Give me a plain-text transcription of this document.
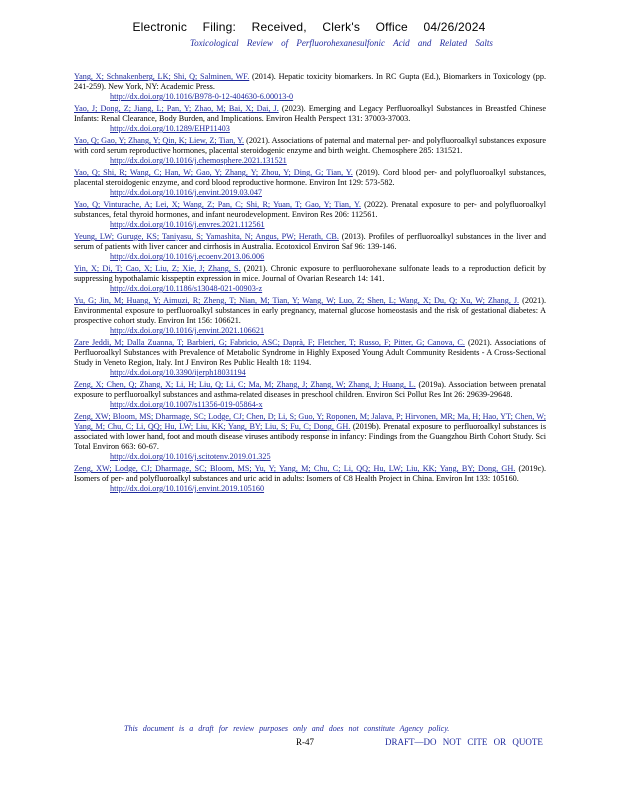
Electronic Filing: Received, Clerk's Office 04/26/2024
Toxicological Review of Perfluorohexanesulfonic Acid and Related Salts
Yang, X; Schnakenberg, LK; Shi, Q; Salminen, WF. (2014). Hepatic toxicity biomarkers. In RC Gupta (Ed.), Biomarkers in Toxicology (pp. 241-259). New York, NY: Academic Press.
http://dx.doi.org/10.1016/B978-0-12-404630-6.00013-0
Yao, J; Dong, Z; Jiang, L; Pan, Y; Zhao, M; Bai, X; Dai, J. (2023). Emerging and Legacy Perfluoroalkyl Substances in Breastfed Chinese Infants: Renal Clearance, Body Burden, and Implications. Environ Health Perspect 131: 37003-37003.
http://dx.doi.org/10.1289/EHP11403
Yao, Q; Gao, Y; Zhang, Y; Qin, K; Liew, Z; Tian, Y. (2021). Associations of paternal and maternal per- and polyfluoroalkyl substances exposure with cord serum reproductive hormones, placental steroidogenic enzyme and birth weight. Chemosphere 285: 131521.
http://dx.doi.org/10.1016/j.chemosphere.2021.131521
Yao, Q; Shi, R; Wang, C; Han, W; Gao, Y; Zhang, Y; Zhou, Y; Ding, G; Tian, Y. (2019). Cord blood per- and polyfluoroalkyl substances, placental steroidogenic enzyme, and cord blood reproductive hormone. Environ Int 129: 573-582.
http://dx.doi.org/10.1016/j.envint.2019.03.047
Yao, Q; Vinturache, A; Lei, X; Wang, Z; Pan, C; Shi, R; Yuan, T; Gao, Y; Tian, Y. (2022). Prenatal exposure to per- and polyfluoroalkyl substances, fetal thyroid hormones, and infant neurodevelopment. Environ Res 206: 112561.
http://dx.doi.org/10.1016/j.envres.2021.112561
Yeung, LW; Guruge, KS; Taniyasu, S; Yamashita, N; Angus, PW; Herath, CB. (2013). Profiles of perfluoroalkyl substances in the liver and serum of patients with liver cancer and cirrhosis in Australia. Ecotoxicol Environ Saf 96: 139-146.
http://dx.doi.org/10.1016/j.ecoenv.2013.06.006
Yin, X; Di, T; Cao, X; Liu, Z; Xie, J; Zhang, S. (2021). Chronic exposure to perfluorohexane sulfonate leads to a reproduction deficit by suppressing hypothalamic kisspeptin expression in mice. Journal of Ovarian Research 14: 141.
http://dx.doi.org/10.1186/s13048-021-00903-z
Yu, G; Jin, M; Huang, Y; Aimuzi, R; Zheng, T; Nian, M; Tian, Y; Wang, W; Luo, Z; Shen, L; Wang, X; Du, Q; Xu, W; Zhang, J. (2021). Environmental exposure to perfluoroalkyl substances in early pregnancy, maternal glucose homeostasis and the risk of gestational diabetes: A prospective cohort study. Environ Int 156: 106621.
http://dx.doi.org/10.1016/j.envint.2021.106621
Zare Jeddi, M; Dalla Zuanna, T; Barbieri, G; Fabricio, ASC; Daprà, F; Fletcher, T; Russo, F; Pitter, G; Canova, C. (2021). Associations of Perfluoroalkyl Substances with Prevalence of Metabolic Syndrome in Highly Exposed Young Adult Community Residents - A Cross-Sectional Study in Veneto Region, Italy. Int J Environ Res Public Health 18: 1194.
http://dx.doi.org/10.3390/ijerph18031194
Zeng, X; Chen, Q; Zhang, X; Li, H; Liu, Q; Li, C; Ma, M; Zhang, J; Zhang, W; Zhang, J; Huang, L. (2019a). Association between prenatal exposure to perfluoroalkyl substances and asthma-related diseases in preschool children. Environ Sci Pollut Res Int 26: 29639-29648.
http://dx.doi.org/10.1007/s11356-019-05864-x
Zeng, XW; Bloom, MS; Dharmage, SC; Lodge, CJ; Chen, D; Li, S; Guo, Y; Roponen, M; Jalava, P; Hirvonen, MR; Ma, H; Hao, YT; Chen, W; Yang, M; Chu, C; Li, QQ; Hu, LW; Liu, KK; Yang, BY; Liu, S; Fu, C; Dong, GH. (2019b). Prenatal exposure to perfluoroalkyl substances is associated with lower hand, foot and mouth disease viruses antibody response in infancy: Findings from the Guangzhou Birth Cohort Study. Sci Total Environ 663: 60-67.
http://dx.doi.org/10.1016/j.scitotenv.2019.01.325
Zeng, XW; Lodge, CJ; Dharmage, SC; Bloom, MS; Yu, Y; Yang, M; Chu, C; Li, QQ; Hu, LW; Liu, KK; Yang, BY; Dong, GH. (2019c). Isomers of per- and polyfluoroalkyl substances and uric acid in adults: Isomers of C8 Health Project in China. Environ Int 133: 105160.
http://dx.doi.org/10.1016/j.envint.2019.105160
This document is a draft for review purposes only and does not constitute Agency policy.
R-47	DRAFT—DO NOT CITE OR QUOTE
